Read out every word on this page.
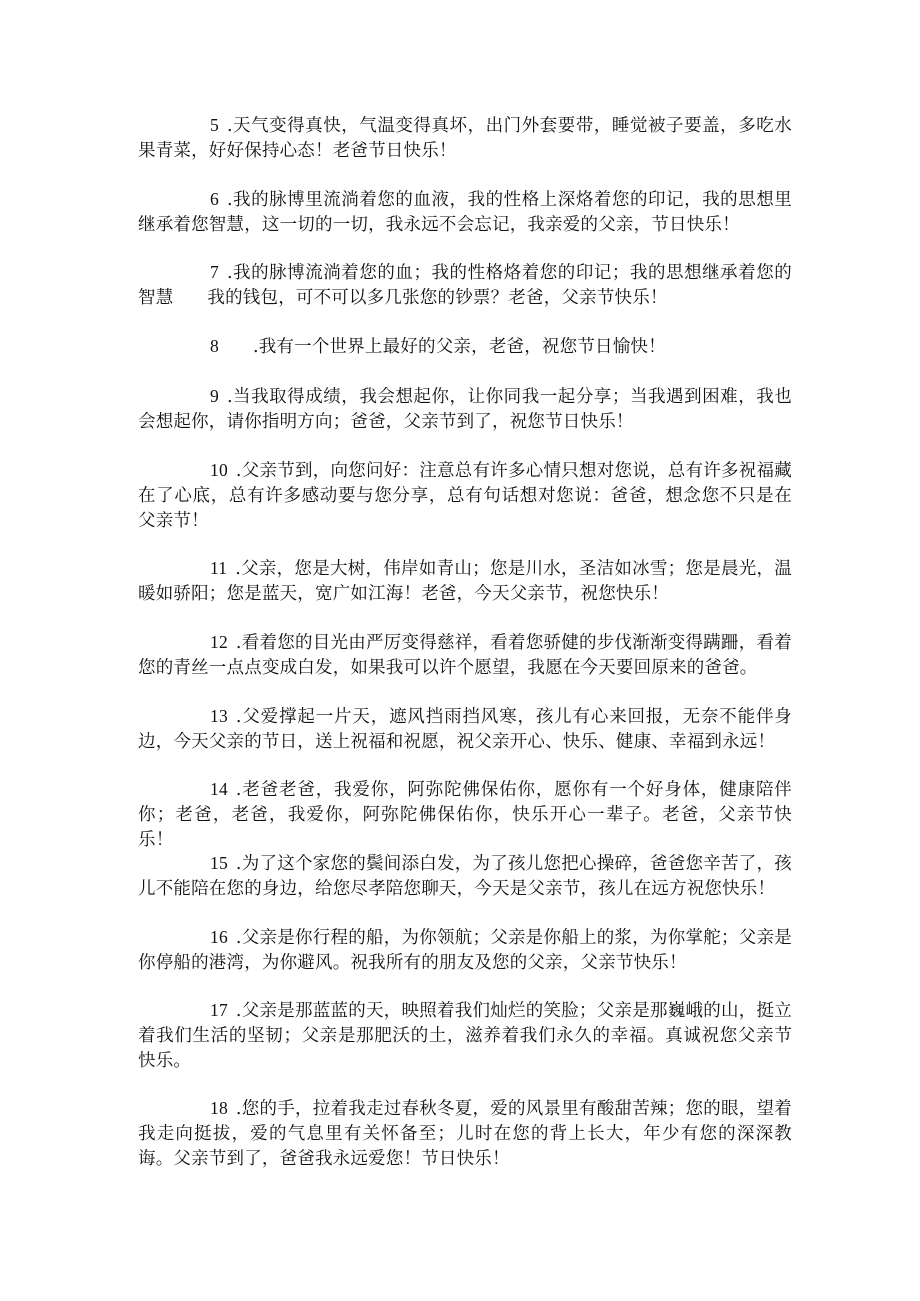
5 .天气变得真快，气温变得真坏，出门外套要带，睡觉被子要盖，多吃水果青菜，好好保持心态！老爸节日快乐！

6 .我的脉博里流淌着您的血液，我的性格上深烙着您的印记，我的思想里继承着您智慧，这一切的一切，我永远不会忘记，我亲爱的父亲，节日快乐！

7 .我的脉博流淌着您的血；我的性格烙着您的印记；我的思想继承着您的智慧 我的钱包，可不可以多几张您的钞票？老爸，父亲节快乐！

8 .我有一个世界上最好的父亲，老爸，祝您节日愉快！

9 .当我取得成绩，我会想起你，让你同我一起分享；当我遇到困难，我也会想起你，请你指明方向；爸爸，父亲节到了，祝您节日快乐！

10 .父亲节到，向您问好：注意总有许多心情只想对您说，总有许多祝福藏在了心底，总有许多感动要与您分享，总有句话想对您说：爸爸，想念您不只是在父亲节！

11 .父亲，您是大树，伟岸如青山；您是川水，圣洁如冰雪；您是晨光，温暖如骄阳；您是蓝天，宽广如江海！老爸，今天父亲节，祝您快乐！

12 .看着您的目光由严厉变得慈祥，看着您骄健的步伐渐渐变得蹒跚，看着您的青丝一点点变成白发，如果我可以许个愿望，我愿在今天要回原来的爸爸。

13 .父爱撑起一片天，遮风挡雨挡风寒，孩儿有心来回报，无奈不能伴身边，今天父亲的节日，送上祝福和祝愿，祝父亲开心、快乐、健康、幸福到永远！

14 .老爸老爸，我爱你，阿弥陀佛保佑你，愿你有一个好身体，健康陪伴你；老爸，老爸，我爱你，阿弥陀佛保佑你，快乐开心一辈子。老爸，父亲节快乐！

15 .为了这个家您的鬓间添白发，为了孩儿您把心操碎，爸爸您辛苦了，孩儿不能陪在您的身边，给您尽孝陪您聊天，今天是父亲节，孩儿在远方祝您快乐！

16 .父亲是你行程的船，为你领航；父亲是你船上的浆，为你掌舵；父亲是你停船的港湾，为你避风。祝我所有的朋友及您的父亲，父亲节快乐！

17 .父亲是那蓝蓝的天，映照着我们灿烂的笑脸；父亲是那巍峨的山，挺立着我们生活的坚韧；父亲是那肥沃的土，滋养着我们永久的幸福。真诚祝您父亲节快乐。

18 .您的手，拉着我走过春秋冬夏，爱的风景里有酸甜苦辣；您的眼，望着我走向挺拔，爱的气息里有关怀备至；儿时在您的背上长大，年少有您的深深教诲。父亲节到了，爸爸我永远爱您！节日快乐！
